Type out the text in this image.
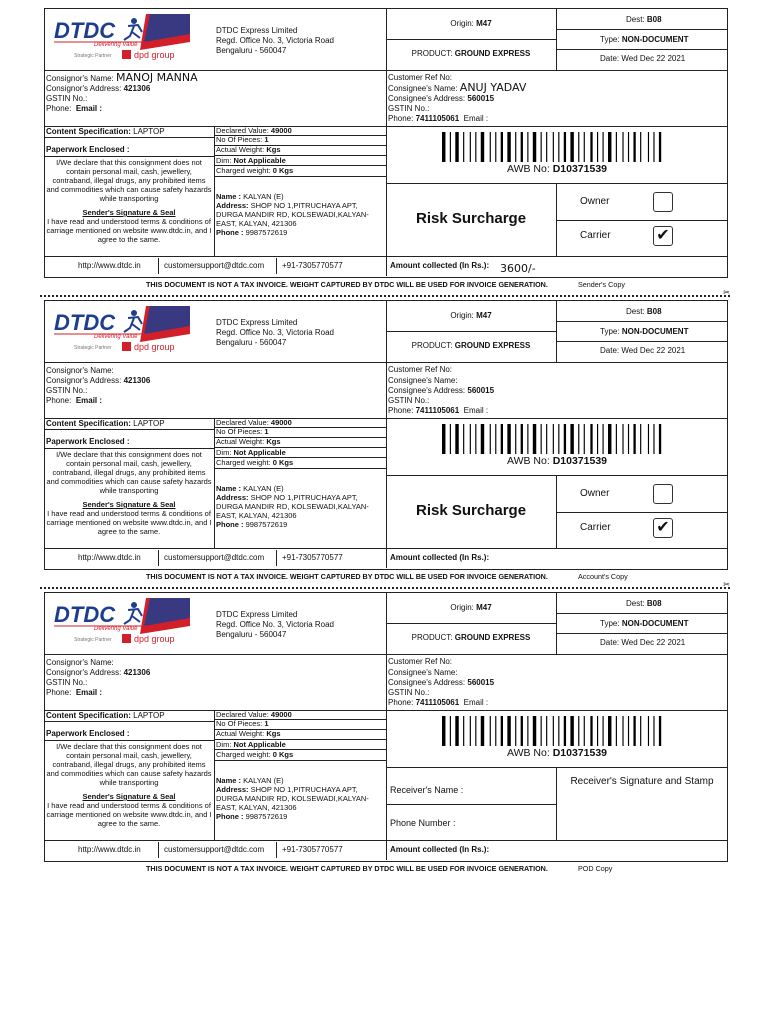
DTDC
Delivering Value
Strategic Partner dpd group
DTDC Express Limited
Regd. Office No. 3, Victoria Road
Bengaluru - 560047
Origin: M47
PRODUCT: GROUND EXPRESS
Dest: B08
Type: NON-DOCUMENT
Date: Wed Dec 22 2021
Consignor's Name: MANOJ MANNA
Consignor's Address: 421306
GSTIN No.:
Phone: Email :
Customer Ref No:
Consignee's Name: ANUJ YADAV
Consignee's Address: 560015
GSTIN No.:
Phone: 7411105061 Email :
Content Specification: LAPTOP
Paperwork Enclosed :
I/We declare that this consignment does not contain personal mail, cash, jewellery, contraband, illegal drugs, any prohibited items and commodities which can cause safety hazards while transporting
Sender's Signature & Seal
I have read and understood terms & conditions of carriage mentioned on website www.dtdc.in, and I agree to the same.
Declared Value: 49000
No Of Pieces: 1
Actual Weight: Kgs
Dim: Not Applicable
Charged weight: 0 Kgs
Name : KALYAN (E)
Address: SHOP NO 1,PITRUCHAYA APT, DURGA MANDIR RD, KOLSEWADI,KALYAN-EAST, KALYAN, 421306
Phone : 9987572619
AWB No: D10371539
Risk Surcharge
Owner
Carrier	✔
http://www.dtdc.in	customersupport@dtdc.com +91-7305770577	Amount collected (In Rs.): 3600/-
THIS DOCUMENT IS NOT A TAX INVOICE. WEIGHT CAPTURED BY DTDC WILL BE USED FOR INVOICE GENERATION.	Sender's Copy
✂
DTDC
Delivering Value
Strategic Partner dpd group
DTDC Express Limited
Regd. Office No. 3, Victoria Road
Bengaluru - 560047
Origin: M47
PRODUCT: GROUND EXPRESS
Dest: B08
Type: NON-DOCUMENT
Date: Wed Dec 22 2021
Consignor's Name:
Consignor's Address: 421306
GSTIN No.:
Phone: Email :
Customer Ref No:
Consignee's Name:
Consignee's Address: 560015
GSTIN No.:
Phone: 7411105061 Email :
Content Specification: LAPTOP
Paperwork Enclosed :
I/We declare that this consignment does not contain personal mail, cash, jewellery, contraband, illegal drugs, any prohibited items and commodities which can cause safety hazards while transporting
Sender's Signature & Seal
I have read and understood terms & conditions of carriage mentioned on website www.dtdc.in, and I agree to the same.
Declared Value: 49000
No Of Pieces: 1
Actual Weight: Kgs
Dim: Not Applicable
Charged weight: 0 Kgs
Name : KALYAN (E)
Address: SHOP NO 1,PITRUCHAYA APT, DURGA MANDIR RD, KOLSEWADI,KALYAN-EAST, KALYAN, 421306
Phone : 9987572619
AWB No: D10371539
Risk Surcharge
Owner
Carrier	✔
http://www.dtdc.in	customersupport@dtdc.com +91-7305770577	Amount collected (In Rs.):
THIS DOCUMENT IS NOT A TAX INVOICE. WEIGHT CAPTURED BY DTDC WILL BE USED FOR INVOICE GENERATION.	Account's Copy
✂
DTDC
Delivering Value
Strategic Partner dpd group
DTDC Express Limited
Regd. Office No. 3, Victoria Road
Bengaluru - 560047
Origin: M47
PRODUCT: GROUND EXPRESS
Dest: B08
Type: NON-DOCUMENT
Date: Wed Dec 22 2021
Consignor's Name:
Consignor's Address: 421306
GSTIN No.:
Phone: Email :
Customer Ref No:
Consignee's Name:
Consignee's Address: 560015
GSTIN No.:
Phone: 7411105061 Email :
Content Specification: LAPTOP
Paperwork Enclosed :
I/We declare that this consignment does not contain personal mail, cash, jewellery, contraband, illegal drugs, any prohibited items and commodities which can cause safety hazards while transporting
Sender's Signature & Seal
I have read and understood terms & conditions of carriage mentioned on website www.dtdc.in, and I agree to the same.
Declared Value: 49000
No Of Pieces: 1
Actual Weight: Kgs
Dim: Not Applicable
Charged weight: 0 Kgs
Name : KALYAN (E)
Address: SHOP NO 1,PITRUCHAYA APT, DURGA MANDIR RD, KOLSEWADI,KALYAN-EAST, KALYAN, 421306
Phone : 9987572619
AWB No: D10371539
Receiver's Name :
Phone Number :
Receiver's Signature and Stamp
http://www.dtdc.in	customersupport@dtdc.com +91-7305770577	Amount collected (In Rs.):
THIS DOCUMENT IS NOT A TAX INVOICE. WEIGHT CAPTURED BY DTDC WILL BE USED FOR INVOICE GENERATION.	POD Copy
